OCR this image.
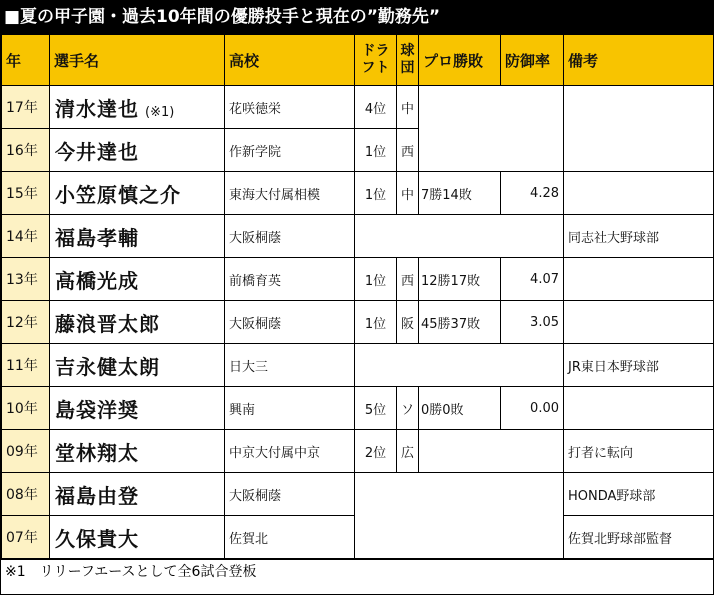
■夏の甲子園・過去10年間の優勝投手と現在の”勤務先”
年	選手名	高校	ドラフト	球団	プロ勝敗	防御率	備考
17年	清水達也 (※1)	花咲徳栄	4位	中			
16年	今井達也	作新学院	1位	西			
15年	小笠原慎之介	東海大付属相模	1位	中	7勝14敗	4.28	
14年	福島孝輔	大阪桐蔭					同志社大野球部
13年	高橋光成	前橋育英	1位	西	12勝17敗	4.07	
12年	藤浪晋太郎	大阪桐蔭	1位	阪	45勝37敗	3.05	
11年	吉永健太朗	日大三					JR東日本野球部
10年	島袋洋奨	興南	5位	ソ	0勝0敗	0.00	
09年	堂林翔太	中京大付属中京	2位	広			打者に転向
08年	福島由登	大阪桐蔭					HONDA野球部
07年	久保貴大	佐賀北					佐賀北野球部監督
※1　リリーフエースとして全6試合登板
